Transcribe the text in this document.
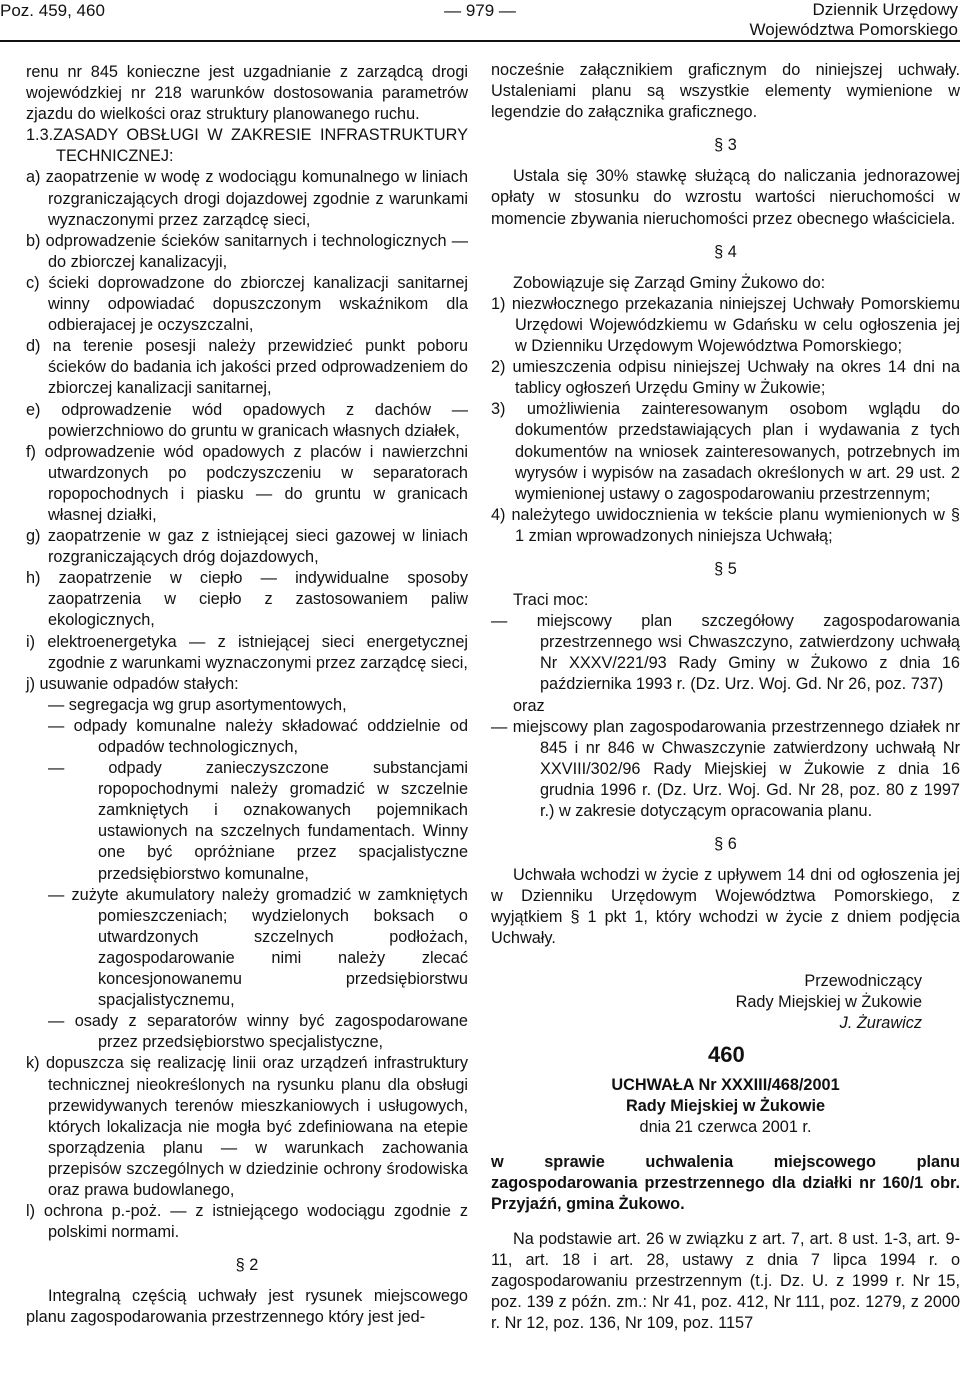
Poz. 459, 460	— 979 —	Dziennik Urzędowy
Województwa Pomorskiego

renu nr 845 konieczne jest uzgadnianie z zarządcą drogi wojewódzkiej nr 218 warunków dostosowania parametrów zjazdu do wielkości oraz struktury planowanego ruchu.

1.3.ZASADY OBSŁUGI W ZAKRESIE INFRASTRUKTURY TECHNICZNEJ:

a) zaopatrzenie w wodę z wodociągu komunalnego w liniach rozgraniczających drogi dojazdowej zgodnie z warunkami wyznaczonymi przez zarządcę sieci,

b) odprowadzenie ścieków sanitarnych i technologicznych — do zbiorczej kanalizacyji,

c) ścieki doprowadzone do zbiorczej kanalizacji sanitarnej winny odpowiadać dopuszczonym wskaźnikom dla odbierajacej je oczyszczalni,

d) na terenie posesji należy przewidzieć punkt poboru ścieków do badania ich jakości przed odprowadzeniem do zbiorczej kanalizacji sanitarnej,

e) odprowadzenie wód opadowych z dachów — powierzchniowo do gruntu w granicach własnych działek,

f) odprowadzenie wód opadowych z placów i nawierzchni utwardzonych po podczyszczeniu w separatorach ropopochodnych i piasku — do gruntu w granicach własnej działki,

g) zaopatrzenie w gaz z istniejącej sieci gazowej w liniach rozgraniczających dróg dojazdowych,

h) zaopatrzenie w ciepło — indywidualne sposoby zaopatrzenia w ciepło z zastosowaniem paliw ekologicznych,

i) elektroenergetyka — z istniejącej sieci energetycznej zgodnie z warunkami wyznaczonymi przez zarządcę sieci,

j) usuwanie odpadów stałych:

— segregacja wg grup asortymentowych,

— odpady komunalne należy składować oddzielnie od odpadów technologicznych,

— odpady zanieczyszczone substancjami ropopochodnymi należy gromadzić w szczelnie zamkniętych i oznakowanych pojemnikach ustawionych na szczelnych fundamentach. Winny one być opróżniane przez spacjalistyczne przedsiębiorstwo komunalne,

— zużyte akumulatory należy gromadzić w zamkniętych pomieszczeniach; wydzielonych boksach o utwardzonych szczelnych podłożach, zagospodarowanie nimi należy zlecać koncesjonowanemu przedsiębiorstwu spacjalistycznemu,

— osady z separatorów winny być zagospodarowane przez przedsiębiorstwo specjalistyczne,

k) dopuszcza się realizację linii oraz urządzeń infrastruktury technicznej nieokreślonych na rysunku planu dla obsługi przewidywanych terenów mieszkaniowych i usługowych, których lokalizacja nie mogła być zdefiniowana na etepie sporządzenia planu — w warunkach zachowania przepisów szczególnych w dziedzinie ochrony środowiska oraz prawa budowlanego,

l) ochrona p.-poż. — z istniejącego wodociągu zgodnie z polskimi normami.

§ 2

Integralną częścią uchwały jest rysunek miejscowego planu zagospodarowania przestrzennego który jest jed-

nocześnie załącznikiem graficznym do niniejszej uchwały. Ustaleniami planu są wszystkie elementy wymienione w legendzie do załącznika graficznego.

§ 3

Ustala się 30% stawkę służącą do naliczania jednorazowej opłaty w stosunku do wzrostu wartości nieruchomości w momencie zbywania nieruchomości przez obecnego właściciela.

§ 4

Zobowiązuje się Zarząd Gminy Żukowo do:

1) niezwłocznego przekazania niniejszej Uchwały Pomorskiemu Urzędowi Wojewódzkiemu w Gdańsku w celu ogłoszenia jej w Dzienniku Urzędowym Województwa Pomorskiego;

2) umieszczenia odpisu niniejszej Uchwały na okres 14 dni na tablicy ogłoszeń Urzędu Gminy w Żukowie;

3) umożliwienia zainteresowanym osobom wglądu do dokumentów przedstawiających plan i wydawania z tych dokumentów na wniosek zainteresowanych, potrzebnych im wyrysów i wypisów na zasadach określonych w art. 29 ust. 2 wymienionej ustawy o zagospodarowaniu przestrzennym;

4) należytego uwidocznienia w tekście planu wymienionych w § 1 zmian wprowadzonych niniejsza Uchwałą;

§ 5

Traci moc:

— miejscowy plan szczegółowy zagospodarowania przestrzennego wsi Chwaszczyno, zatwierdzony uchwałą Nr XXXV/221/93 Rady Gminy w Żukowo z dnia 16 października 1993 r. (Dz. Urz. Woj. Gd. Nr 26, poz. 737)

oraz

— miejscowy plan zagospodarowania przestrzennego działek nr 845 i nr 846 w Chwaszczynie zatwierdzony uchwałą Nr XXVIII/302/96 Rady Miejskiej w Żukowie z dnia 16 grudnia 1996 r. (Dz. Urz. Woj. Gd. Nr 28, poz. 80 z 1997 r.) w zakresie dotyczącym opracowania planu.

§ 6

Uchwała wchodzi w życie z upływem 14 dni od ogłoszenia jej w Dzienniku Urzędowym Województwa Pomorskiego, z wyjątkiem § 1 pkt 1, który wchodzi w życie z dniem podjęcia Uchwały.

Przewodniczący
Rady Miejskiej w Żukowie
J. Żurawicz

460

UCHWAŁA Nr XXXIII/468/2001

Rady Miejskiej w Żukowie

dnia 21 czerwca 2001 r.

w sprawie uchwalenia miejscowego planu zagospodarowania przestrzennego dla działki nr 160/1 obr. Przyjaźń, gmina Żukowo.

Na podstawie art. 26 w związku z art. 7, art. 8 ust. 1-3, art. 9-11, art. 18 i art. 28, ustawy z dnia 7 lipca 1994 r. o zagospodarowaniu przestrzennym (t.j. Dz. U. z 1999 r. Nr 15, poz. 139 z późn. zm.: Nr 41, poz. 412, Nr 111, poz. 1279, z 2000 r. Nr 12, poz. 136, Nr 109, poz. 1157
